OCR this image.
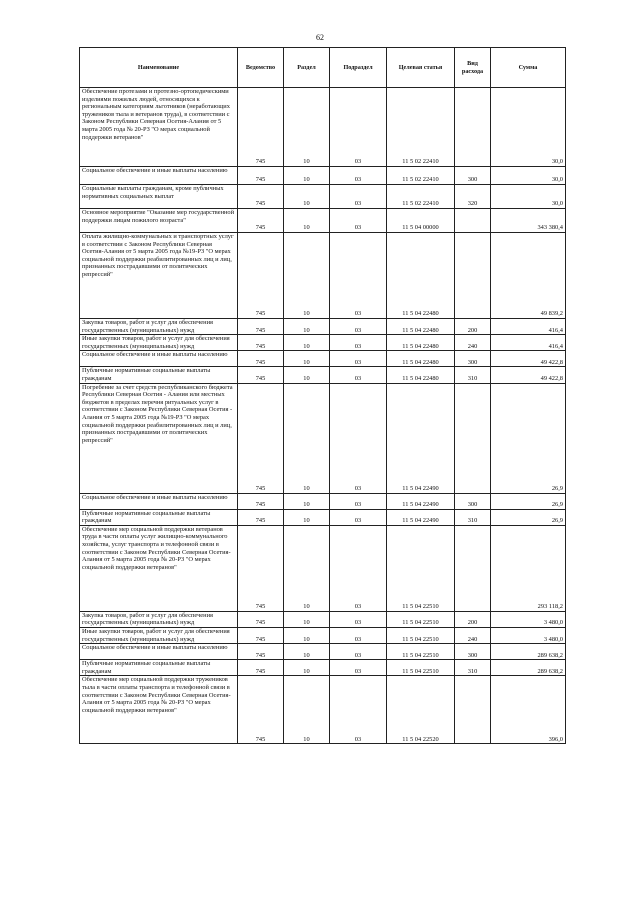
62
Наименование	Ведомство	Раздел	Подраздел	Целевая статья	Вид расхода	Сумма
Обеспечение протезами и протезно-ортопедическими изделиями пожилых людей, относящихся к региональным категориям льготников (неработающих тружеников тыла и ветеранов труда), в соответствии с Законом Республики Северная Осетия-Алания от 5 марта 2005 года № 20-РЗ "О мерах социальной поддержки ветеранов"	745	10	03	11 5 02 22410		30,0
Социальное обеспечение и иные выплаты населению	745	10	03	11 5 02 22410	300	30,0
Социальные выплаты гражданам, кроме публичных нормативных социальных выплат	745	10	03	11 5 02 22410	320	30,0
Основное мероприятие "Оказание мер государственной поддержки лицам пожилого возраста"	745	10	03	11 5 04 00000		343 380,4
Оплата жилищно-коммунальных и транспортных услуг в соответствии с Законом Республики Северная Осетия-Алания от 5 марта 2005 года №19-РЗ "О мерах социальной поддержки реабилитированных лиц и лиц, признанных пострадавшими от политических репрессий"	745	10	03	11 5 04 22480		49 839,2
Закупка товаров, работ и услуг для обеспечения государственных (муниципальных) нужд	745	10	03	11 5 04 22480	200	416,4
Иные закупки товаров, работ и услуг для обеспечения государственных (муниципальных) нужд	745	10	03	11 5 04 22480	240	416,4
Социальное обеспечение и иные выплаты населению	745	10	03	11 5 04 22480	300	49 422,8
Публичные нормативные социальные выплаты гражданам	745	10	03	11 5 04 22480	310	49 422,8
Погребение за счет средств республиканского бюджета Республики Северная Осетия - Алания или местных бюджетов в пределах перечня ритуальных услуг в соответствии с Законом Республики Северная Осетия - Алания от 5 марта 2005 года №19-РЗ "О мерах социальной поддержки реабилитированных лиц и лиц, признанных пострадавшими от политических репрессий"	745	10	03	11 5 04 22490		26,9
Социальное обеспечение и иные выплаты населению	745	10	03	11 5 04 22490	300	26,9
Публичные нормативные социальные выплаты гражданам	745	10	03	11 5 04 22490	310	26,9
Обеспечение мер социальной поддержки ветеранов труда в части оплаты услуг жилищно-коммунального хозяйства, услуг транспорта и телефонной связи в соответствии с Законом Республики Северная Осетия-Алания от 5 марта 2005 года № 20-РЗ "О мерах социальной поддержки ветеранов"	745	10	03	11 5 04 22510		293 118,2
Закупка товаров, работ и услуг для обеспечения государственных (муниципальных) нужд	745	10	03	11 5 04 22510	200	3 480,0
Иные закупки товаров, работ и услуг для обеспечения государственных (муниципальных) нужд	745	10	03	11 5 04 22510	240	3 480,0
Социальное обеспечение и иные выплаты населению	745	10	03	11 5 04 22510	300	289 638,2
Публичные нормативные социальные выплаты гражданам	745	10	03	11 5 04 22510	310	289 638,2
Обеспечение мер социальной поддержки тружеников тыла в части оплаты транспорта и телефонной связи в соответствии с Законом Республики Северная Осетия-Алания от 5 марта 2005 года № 20-РЗ "О мерах социальной поддержки ветеранов"	745	10	03	11 5 04 22520		396,0
